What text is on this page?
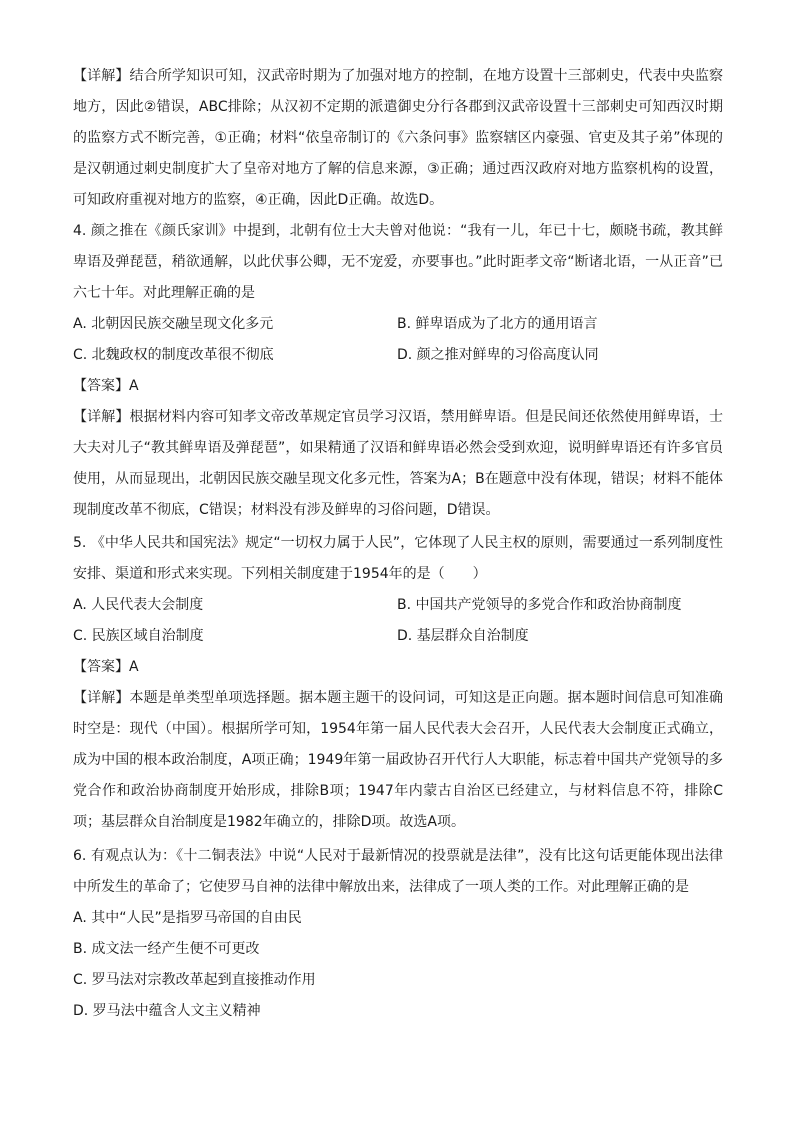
【详解】结合所学知识可知，汉武帝时期为了加强对地方的控制，在地方设置十三部刺史，代表中央监察地方，因此②错误，ABC排除；从汉初不定期的派遣御史分行各郡到汉武帝设置十三部刺史可知西汉时期的监察方式不断完善，①正确；材料“依皇帝制订的《六条问事》监察辖区内豪强、官吏及其子弟”体现的是汉朝通过刺史制度扩大了皇帝对地方了解的信息来源，③正确；通过西汉政府对地方监察机构的设置，可知政府重视对地方的监察，④正确，因此D正确。故选D。

4. 颜之推在《颜氏家训》中提到，北朝有位士大夫曾对他说：“我有一儿，年已十七，颇晓书疏，教其鲜卑语及弹琵琶，稍欲通解，以此伏事公卿，无不宠爱，亦要事也。”此时距孝文帝“断诸北语，一从正音”已六七十年。对此理解正确的是

A. 北朝因民族交融呈现文化多元	B. 鲜卑语成为了北方的通用语言

C. 北魏政权的制度改革很不彻底	D. 颜之推对鲜卑的习俗高度认同

【答案】A

【详解】根据材料内容可知孝文帝改革规定官员学习汉语，禁用鲜卑语。但是民间还依然使用鲜卑语，士大夫对儿子“教其鲜卑语及弹琵琶”，如果精通了汉语和鲜卑语必然会受到欢迎，说明鲜卑语还有许多官员使用，从而显现出，北朝因民族交融呈现文化多元性，答案为A；B在题意中没有体现，错误；材料不能体现制度改革不彻底，C错误；材料没有涉及鲜卑的习俗问题，D错误。

5. 《中华人民共和国宪法》规定“一切权力属于人民”，它体现了人民主权的原则，需要通过一系列制度性安排、渠道和形式来实现。下列相关制度建于1954年的是（　　）

A. 人民代表大会制度	B. 中国共产党领导的多党合作和政治协商制度

C. 民族区域自治制度	D. 基层群众自治制度

【答案】A

【详解】本题是单类型单项选择题。据本题主题干的设问词，可知这是正向题。据本题时间信息可知准确时空是：现代（中国）。根据所学可知，1954年第一届人民代表大会召开，人民代表大会制度正式确立，成为中国的根本政治制度，A项正确；1949年第一届政协召开代行人大职能，标志着中国共产党领导的多党合作和政治协商制度开始形成，排除B项；1947年内蒙古自治区已经建立，与材料信息不符，排除C项；基层群众自治制度是1982年确立的，排除D项。故选A项。

6. 有观点认为：《十二铜表法》中说“人民对于最新情况的投票就是法律”，没有比这句话更能体现出法律中所发生的革命了；它使罗马自神的法律中解放出来，法律成了一项人类的工作。对此理解正确的是

A. 其中“人民”是指罗马帝国的自由民

B. 成文法一经产生便不可更改

C. 罗马法对宗教改革起到直接推动作用

D. 罗马法中蕴含人文主义精神
